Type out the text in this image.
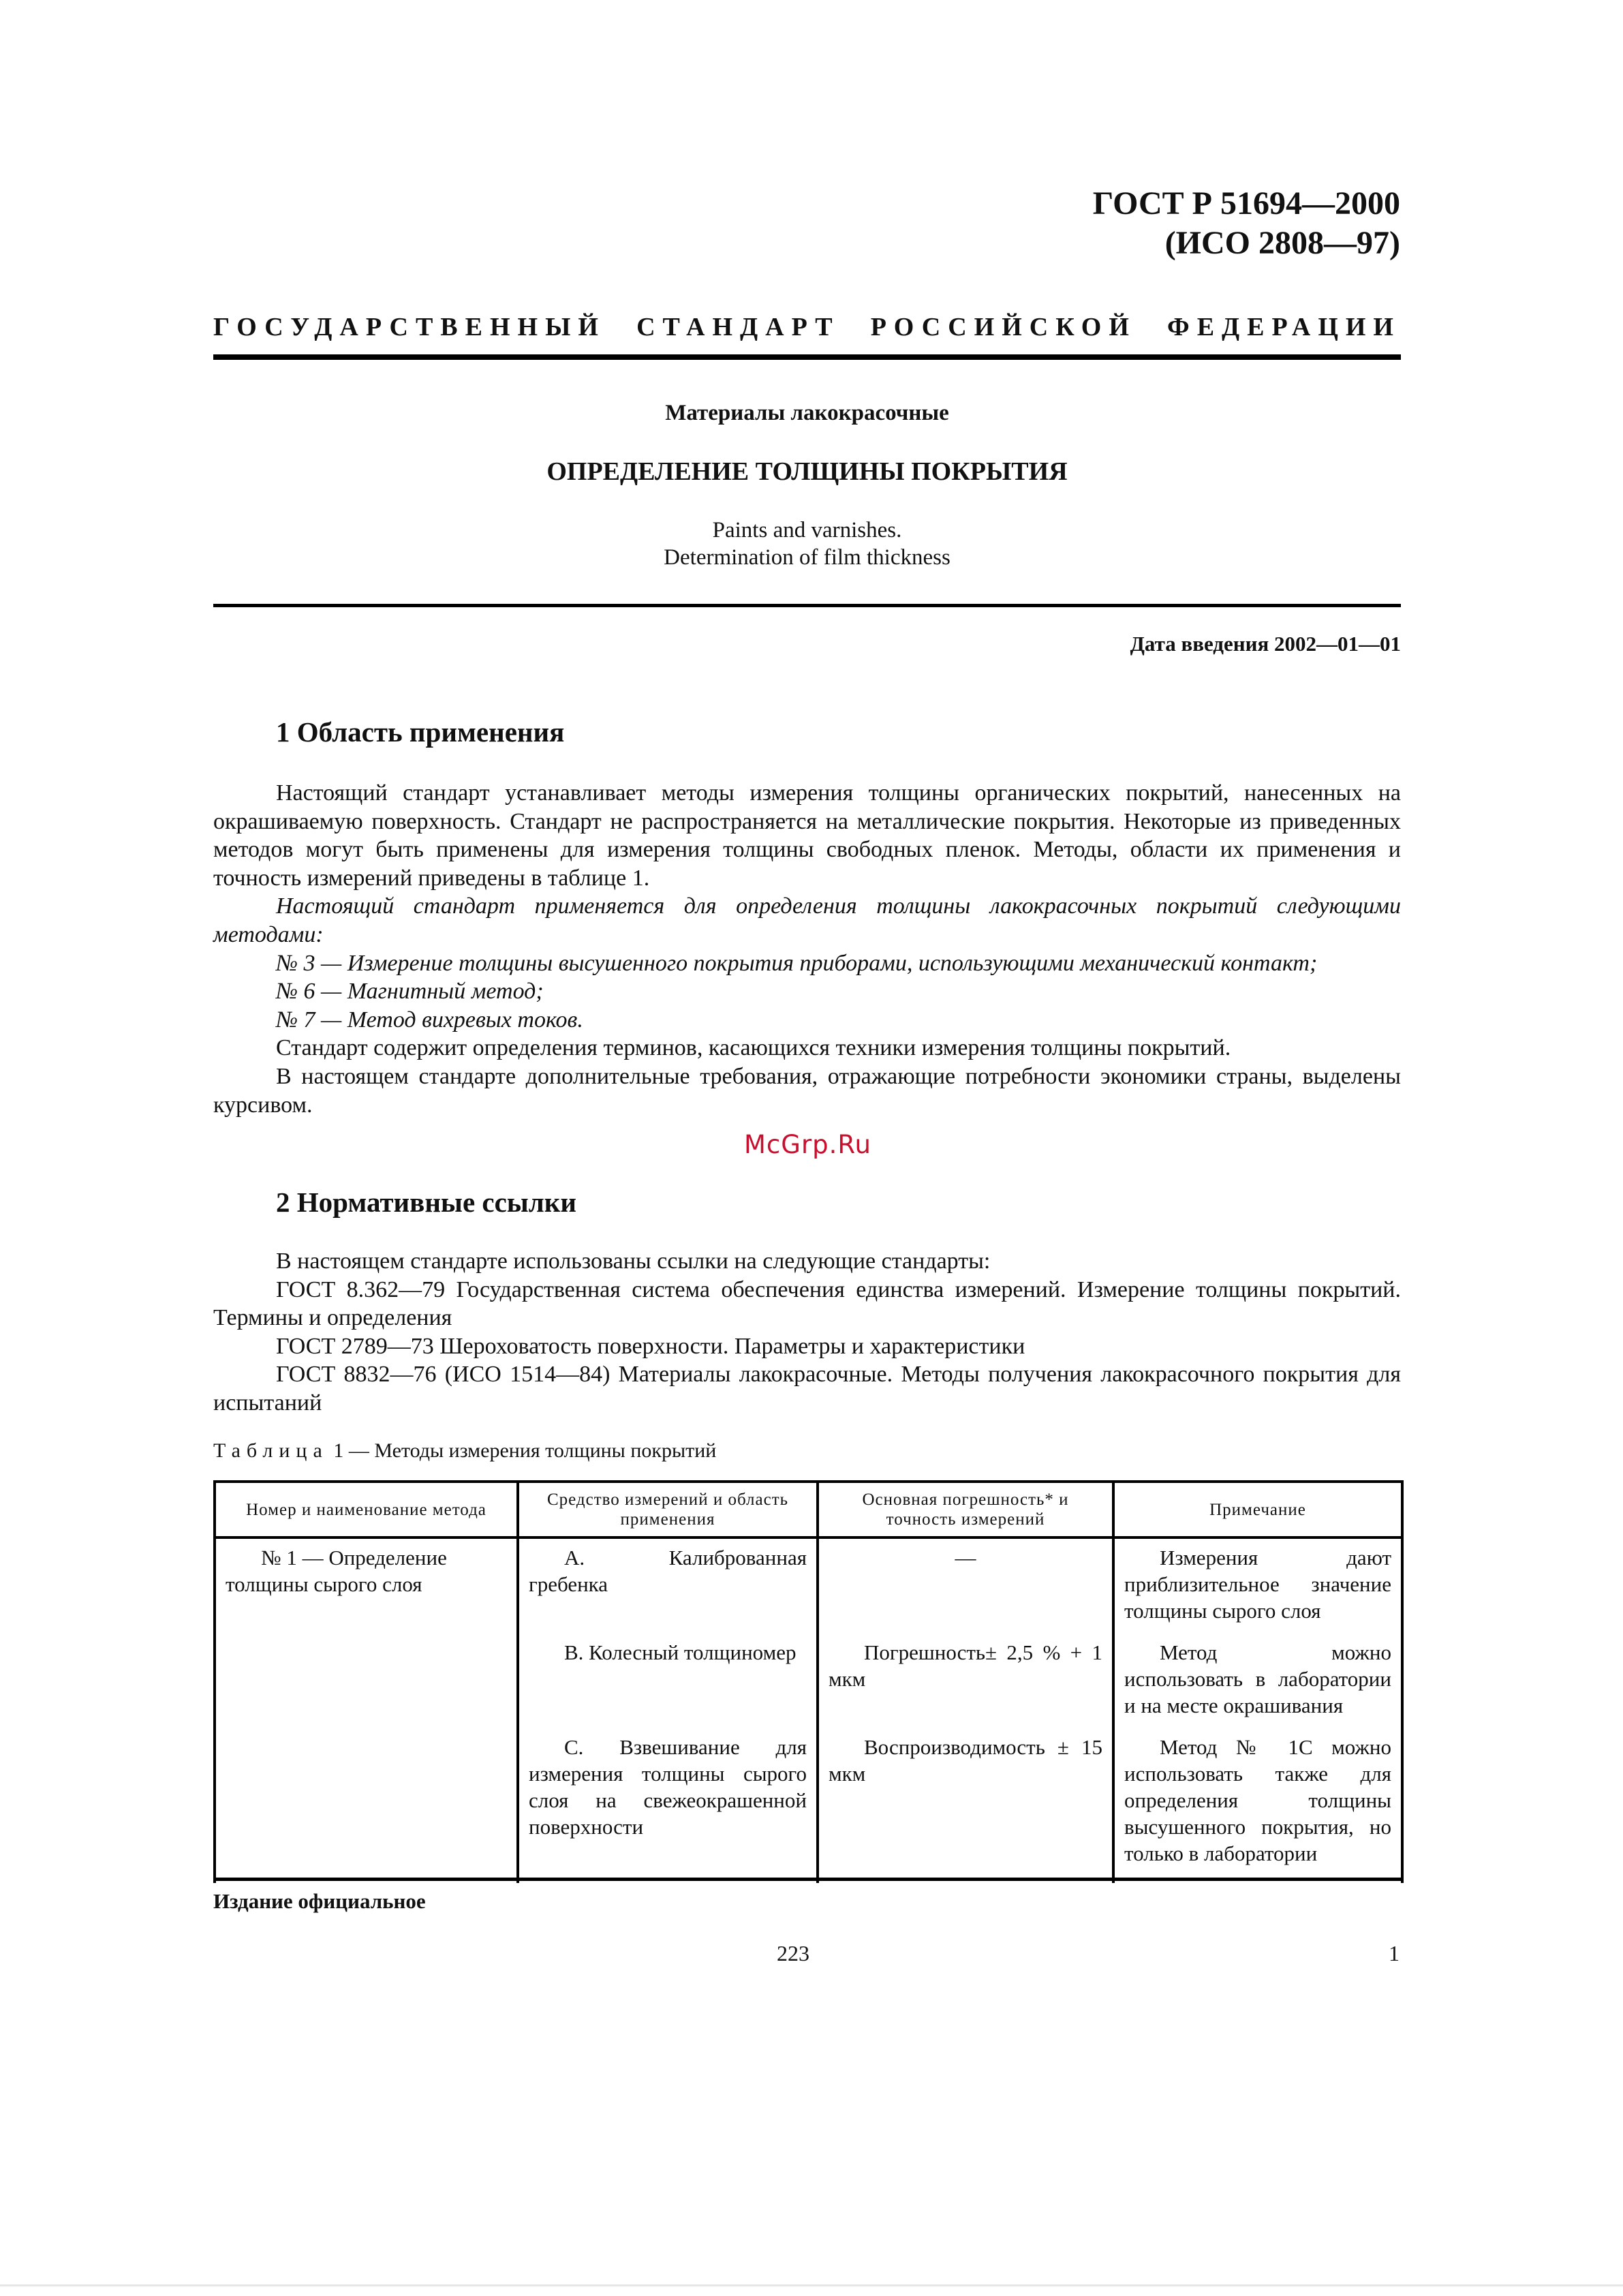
ГОСТ Р 51694—2000
(ИСО 2808—97)
ГОСУДАРСТВЕННЫЙ СТАНДАРТ РОССИЙСКОЙ ФЕДЕРАЦИИ
Материалы лакокрасочные
ОПРЕДЕЛЕНИЕ ТОЛЩИНЫ ПОКРЫТИЯ
Paints and varnishes.
Determination of film thickness
Дата введения 2002—01—01
1 Область применения

Настоящий стандарт устанавливает методы измерения толщины органических покрытий, нанесенных на окрашиваемую поверхность. Стандарт не распространяется на металлические покрытия. Некоторые из приведенных методов могут быть применены для измерения толщины свободных пленок. Методы, области их применения и точность измерений приведены в таблице 1.

Настоящий стандарт применяется для определения толщины лакокрасочных покрытий следующими методами:

№ 3 — Измерение толщины высушенного покрытия приборами, использующими механический контакт;

№ 6 — Магнитный метод;

№ 7 — Метод вихревых токов.

Стандарт содержит определения терминов, касающихся техники измерения толщины покрытий.

В настоящем стандарте дополнительные требования, отражающие потребности экономики страны, выделены курсивом.

McGrp.Ru
2 Нормативные ссылки

В настоящем стандарте использованы ссылки на следующие стандарты:

ГОСТ 8.362—79 Государственная система обеспечения единства измерений. Измерение толщины покрытий. Термины и определения

ГОСТ 2789—73 Шероховатость поверхности. Параметры и характеристики

ГОСТ 8832—76 (ИСО 1514—84) Материалы лакокрасочные. Методы получения лакокрасочного покрытия для испытаний

Таблица 1 — Методы измерения толщины покрытий
Номер и наименование метода	Средство измерений и область применения	Основная погрешность* и точность измерений	Примечание

№ 1 — Определение толщины сырого слоя	А. Калиброванная гребенка	—	Измерения дают приблизительное значение толщины сырого слоя

	В. Колесный толщиномер	Погрешность± 2,5 % + 1 мкм	Метод можно использовать в лаборатории и на месте окрашивания

	С. Взвешивание для измерения толщины сырого слоя на свежеокрашенной поверхности	Воспроизводимость ± 15 мкм	Метод № 1С можно использовать также для определения толщины высушенного покрытия, но только в лаборатории

Издание официальное
223	1
